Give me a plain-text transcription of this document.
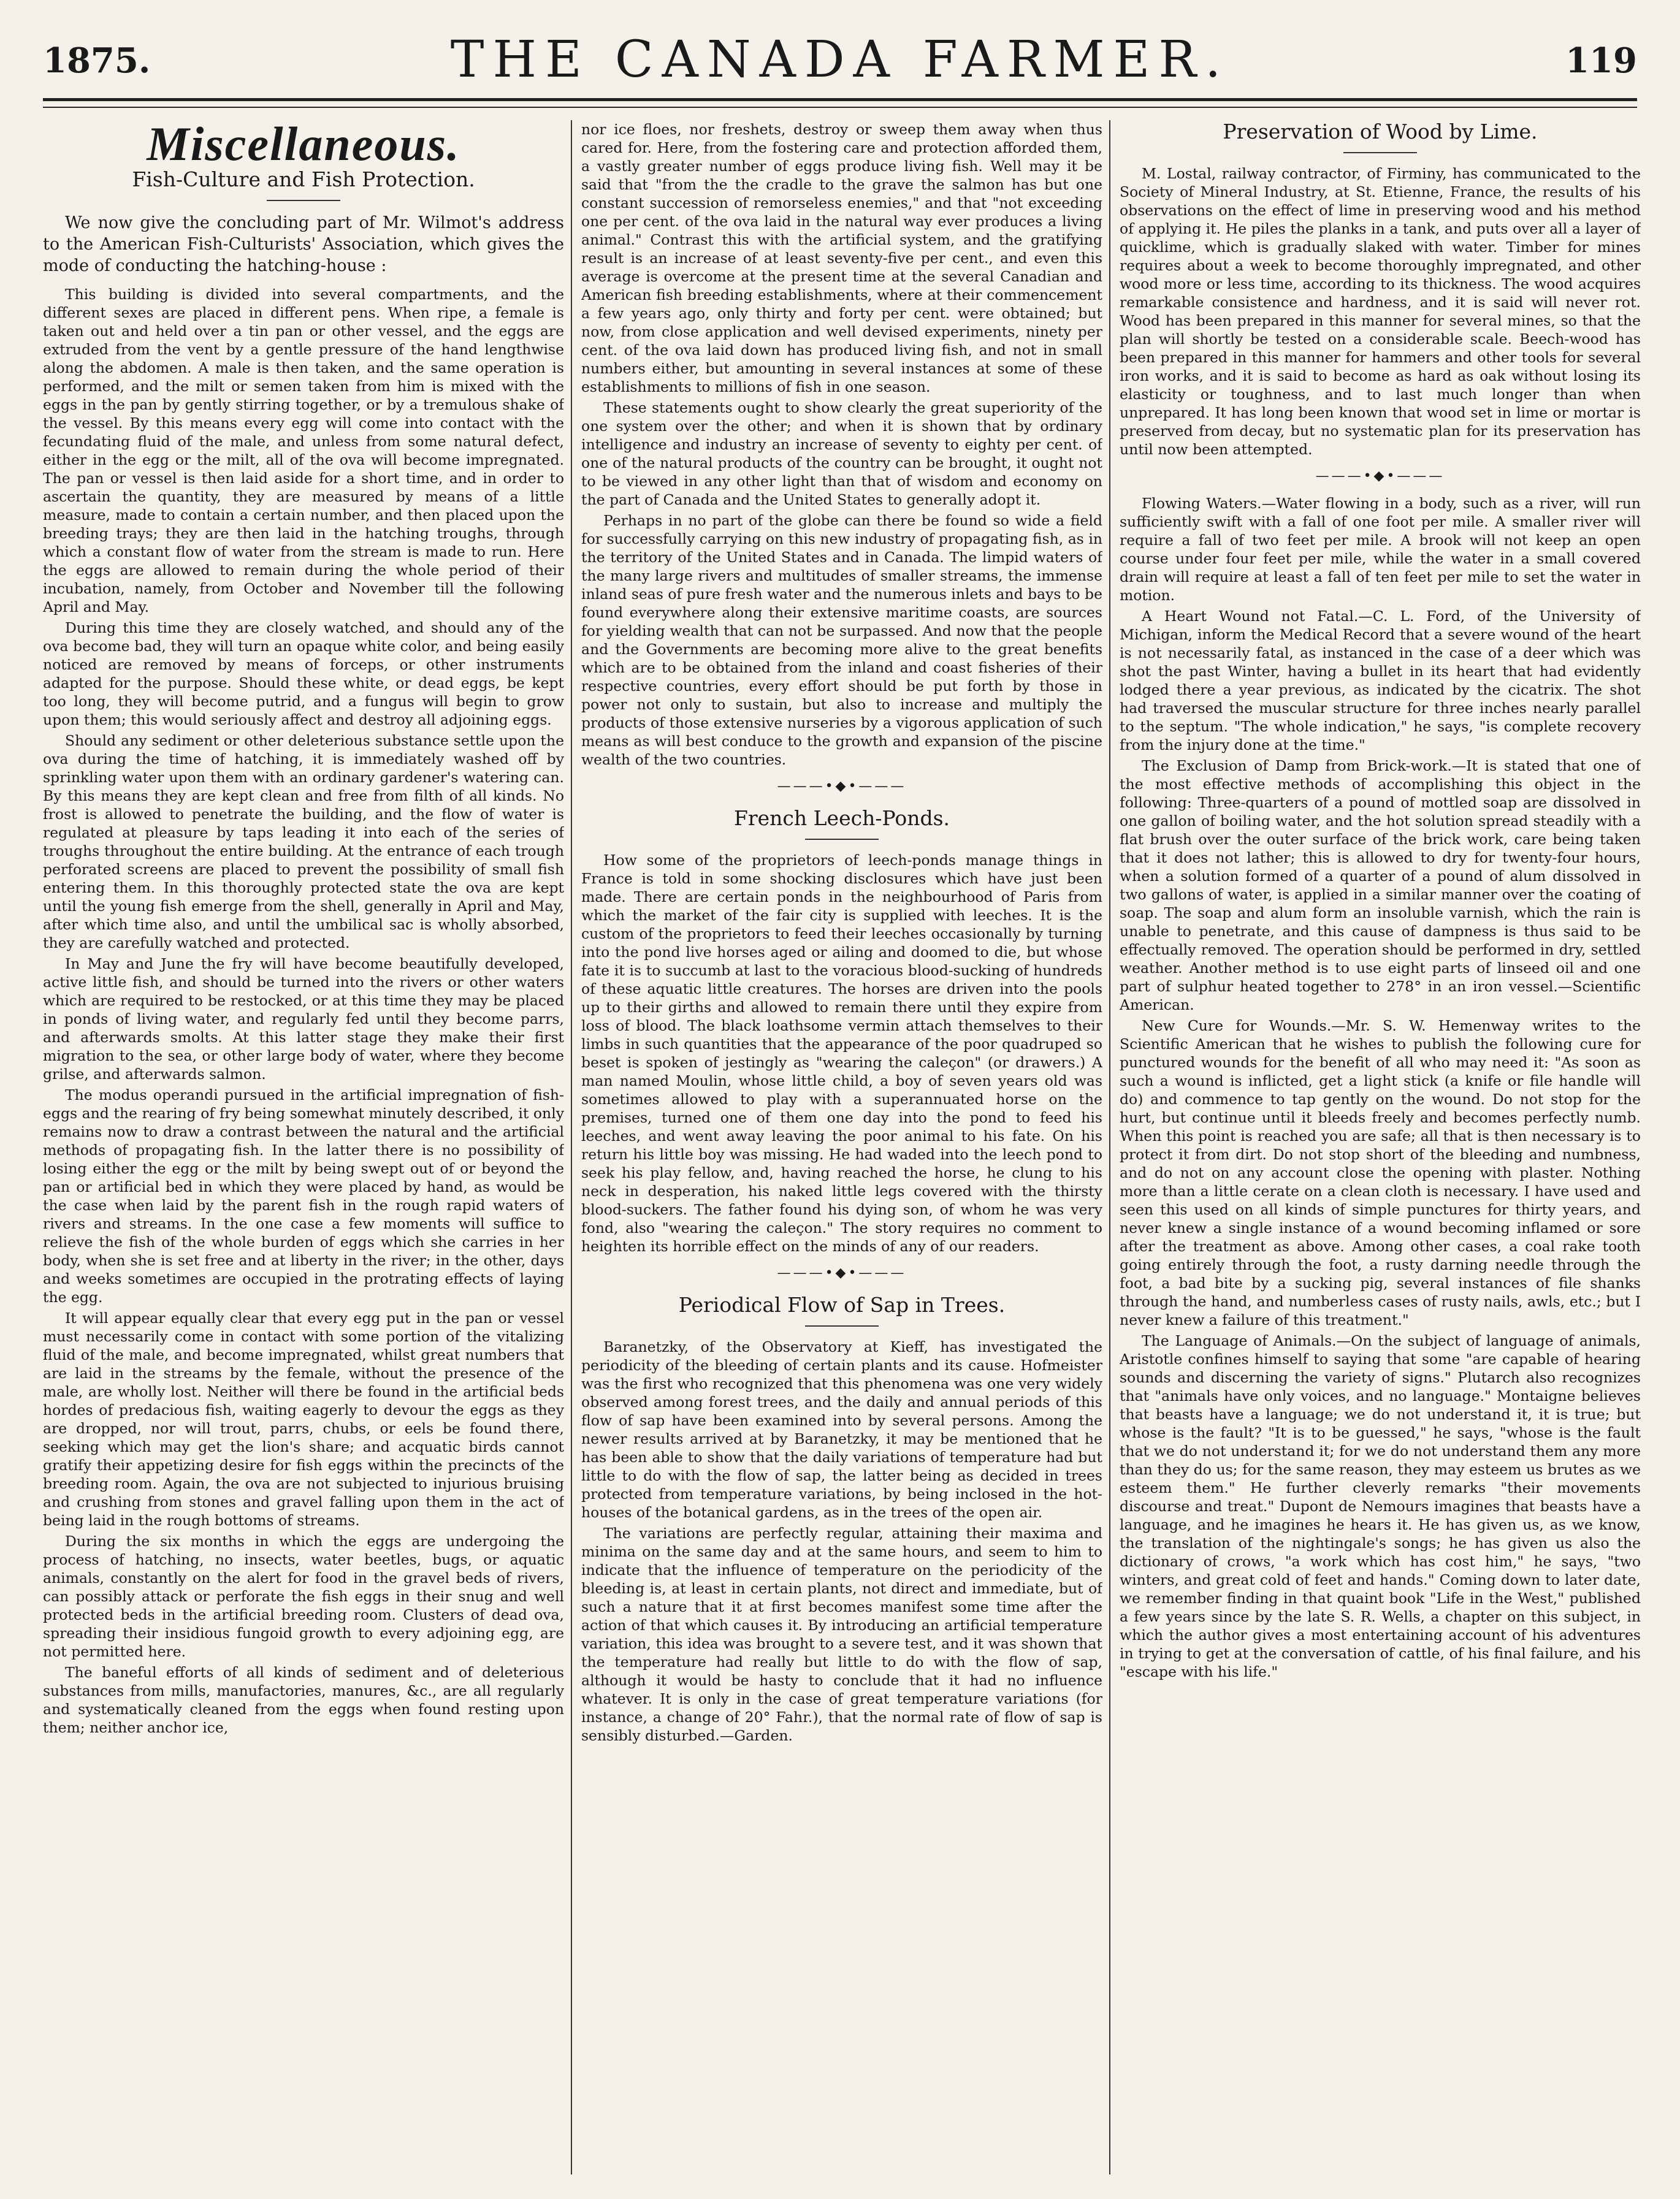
1875.	THE CANADA FARMER.	119
Miscellaneous.
Fish-Culture and Fish Protection.

We now give the concluding part of Mr. Wilmot's address to the American Fish-Culturists' Association, which gives the mode of conducting the hatching-house :

This building is divided into several compartments, and the different sexes are placed in different pens. When ripe, a female is taken out and held over a tin pan or other vessel, and the eggs are extruded from the vent by a gentle pressure of the hand lengthwise along the abdomen. A male is then taken, and the same operation is performed, and the milt or semen taken from him is mixed with the eggs in the pan by gently stirring together, or by a tremulous shake of the vessel. By this means every egg will come into contact with the fecundating fluid of the male, and unless from some natural defect, either in the egg or the milt, all of the ova will become impregnated. The pan or vessel is then laid aside for a short time, and in order to ascertain the quantity, they are measured by means of a little measure, made to contain a certain number, and then placed upon the breeding trays; they are then laid in the hatching troughs, through which a constant flow of water from the stream is made to run. Here the eggs are allowed to remain during the whole period of their incubation, namely, from October and November till the following April and May.

During this time they are closely watched, and should any of the ova become bad, they will turn an opaque white color, and being easily noticed are removed by means of forceps, or other instruments adapted for the purpose. Should these white, or dead eggs, be kept too long, they will become putrid, and a fungus will begin to grow upon them; this would seriously affect and destroy all adjoining eggs.

Should any sediment or other deleterious substance settle upon the ova during the time of hatching, it is immediately washed off by sprinkling water upon them with an ordinary gardener's watering can. By this means they are kept clean and free from filth of all kinds. No frost is allowed to penetrate the building, and the flow of water is regulated at pleasure by taps leading it into each of the series of troughs throughout the entire building. At the entrance of each trough perforated screens are placed to prevent the possibility of small fish entering them. In this thoroughly protected state the ova are kept until the young fish emerge from the shell, generally in April and May, after which time also, and until the umbilical sac is wholly absorbed, they are carefully watched and protected.

In May and June the fry will have become beautifully developed, active little fish, and should be turned into the rivers or other waters which are required to be restocked, or at this time they may be placed in ponds of living water, and regularly fed until they become parrs, and afterwards smolts. At this latter stage they make their first migration to the sea, or other large body of water, where they become grilse, and afterwards salmon.

The modus operandi pursued in the artificial impregnation of fish-eggs and the rearing of fry being somewhat minutely described, it only remains now to draw a contrast between the natural and the artificial methods of propagating fish. In the latter there is no possibility of losing either the egg or the milt by being swept out of or beyond the pan or artificial bed in which they were placed by hand, as would be the case when laid by the parent fish in the rough rapid waters of rivers and streams. In the one case a few moments will suffice to relieve the fish of the whole burden of eggs which she carries in her body, when she is set free and at liberty in the river; in the other, days and weeks sometimes are occupied in the protrating effects of laying the egg.

It will appear equally clear that every egg put in the pan or vessel must necessarily come in contact with some portion of the vitalizing fluid of the male, and become impregnated, whilst great numbers that are laid in the streams by the female, without the presence of the male, are wholly lost. Neither will there be found in the artificial beds hordes of predacious fish, waiting eagerly to devour the eggs as they are dropped, nor will trout, parrs, chubs, or eels be found there, seeking which may get the lion's share; and acquatic birds cannot gratify their appetizing desire for fish eggs within the precincts of the breeding room. Again, the ova are not subjected to injurious bruising and crushing from stones and gravel falling upon them in the act of being laid in the rough bottoms of streams.

During the six months in which the eggs are undergoing the process of hatching, no insects, water beetles, bugs, or aquatic animals, constantly on the alert for food in the gravel beds of rivers, can possibly attack or perforate the fish eggs in their snug and well protected beds in the artificial breeding room. Clusters of dead ova, spreading their insidious fungoid growth to every adjoining egg, are not permitted here.

The baneful efforts of all kinds of sediment and of deleterious substances from mills, manufactories, manures, &c., are all regularly and systematically cleaned from the eggs when found resting upon them; neither anchor ice,

nor ice floes, nor freshets, destroy or sweep them away when thus cared for. Here, from the fostering care and protection afforded them, a vastly greater number of eggs produce living fish. Well may it be said that "from the the cradle to the grave the salmon has but one constant succession of remorseless enemies," and that "not exceeding one per cent. of the ova laid in the natural way ever produces a living animal." Contrast this with the artificial system, and the gratifying result is an increase of at least seventy-five per cent., and even this average is overcome at the present time at the several Canadian and American fish breeding establishments, where at their commencement a few years ago, only thirty and forty per cent. were obtained; but now, from close application and well devised experiments, ninety per cent. of the ova laid down has produced living fish, and not in small numbers either, but amounting in several instances at some of these establishments to millions of fish in one season.

These statements ought to show clearly the great superiority of the one system over the other; and when it is shown that by ordinary intelligence and industry an increase of seventy to eighty per cent. of one of the natural products of the country can be brought, it ought not to be viewed in any other light than that of wisdom and economy on the part of Canada and the United States to generally adopt it.

Perhaps in no part of the globe can there be found so wide a field for successfully carrying on this new industry of propagating fish, as in the territory of the United States and in Canada. The limpid waters of the many large rivers and multitudes of smaller streams, the immense inland seas of pure fresh water and the numerous inlets and bays to be found everywhere along their extensive maritime coasts, are sources for yielding wealth that can not be surpassed. And now that the people and the Governments are becoming more alive to the great benefits which are to be obtained from the inland and coast fisheries of their respective countries, every effort should be put forth by those in power not only to sustain, but also to increase and multiply the products of those extensive nurseries by a vigorous application of such means as will best conduce to the growth and expansion of the piscine wealth of the two countries.

———•◆•———
French Leech-Ponds.

How some of the proprietors of leech-ponds manage things in France is told in some shocking disclosures which have just been made. There are certain ponds in the neighbourhood of Paris from which the market of the fair city is supplied with leeches. It is the custom of the proprietors to feed their leeches occasionally by turning into the pond live horses aged or ailing and doomed to die, but whose fate it is to succumb at last to the voracious blood-sucking of hundreds of these aquatic little creatures. The horses are driven into the pools up to their girths and allowed to remain there until they expire from loss of blood. The black loathsome vermin attach themselves to their limbs in such quantities that the appearance of the poor quadruped so beset is spoken of jestingly as "wearing the caleçon" (or drawers.) A man named Moulin, whose little child, a boy of seven years old was sometimes allowed to play with a superannuated horse on the premises, turned one of them one day into the pond to feed his leeches, and went away leaving the poor animal to his fate. On his return his little boy was missing. He had waded into the leech pond to seek his play fellow, and, having reached the horse, he clung to his neck in desperation, his naked little legs covered with the thirsty blood-suckers. The father found his dying son, of whom he was very fond, also "wearing the caleçon." The story requires no comment to heighten its horrible effect on the minds of any of our readers.

———•◆•———
Periodical Flow of Sap in Trees.

Baranetzky, of the Observatory at Kieff, has investigated the periodicity of the bleeding of certain plants and its cause. Hofmeister was the first who recognized that this phenomena was one very widely observed among forest trees, and the daily and annual periods of this flow of sap have been examined into by several persons. Among the newer results arrived at by Baranetzky, it may be mentioned that he has been able to show that the daily variations of temperature had but little to do with the flow of sap, the latter being as decided in trees protected from temperature variations, by being inclosed in the hot-houses of the botanical gardens, as in the trees of the open air.

The variations are perfectly regular, attaining their maxima and minima on the same day and at the same hours, and seem to him to indicate that the influence of temperature on the periodicity of the bleeding is, at least in certain plants, not direct and immediate, but of such a nature that it at first becomes manifest some time after the action of that which causes it. By introducing an artificial temperature variation, this idea was brought to a severe test, and it was shown that the temperature had really but little to do with the flow of sap, although it would be hasty to conclude that it had no influence whatever. It is only in the case of great temperature variations (for instance, a change of 20° Fahr.), that the normal rate of flow of sap is sensibly disturbed.—Garden.

Preservation of Wood by Lime.

M. Lostal, railway contractor, of Firminy, has communicated to the Society of Mineral Industry, at St. Etienne, France, the results of his observations on the effect of lime in preserving wood and his method of applying it. He piles the planks in a tank, and puts over all a layer of quicklime, which is gradually slaked with water. Timber for mines requires about a week to become thoroughly impregnated, and other wood more or less time, according to its thickness. The wood acquires remarkable consistence and hardness, and it is said will never rot. Wood has been prepared in this manner for several mines, so that the plan will shortly be tested on a considerable scale. Beech-wood has been prepared in this manner for hammers and other tools for several iron works, and it is said to become as hard as oak without losing its elasticity or toughness, and to last much longer than when unprepared. It has long been known that wood set in lime or mortar is preserved from decay, but no systematic plan for its preservation has until now been attempted.

———•◆•———

Flowing Waters.—Water flowing in a body, such as a river, will run sufficiently swift with a fall of one foot per mile. A smaller river will require a fall of two feet per mile. A brook will not keep an open course under four feet per mile, while the water in a small covered drain will require at least a fall of ten feet per mile to set the water in motion.

A Heart Wound not Fatal.—C. L. Ford, of the University of Michigan, inform the Medical Record that a severe wound of the heart is not necessarily fatal, as instanced in the case of a deer which was shot the past Winter, having a bullet in its heart that had evidently lodged there a year previous, as indicated by the cicatrix. The shot had traversed the muscular structure for three inches nearly parallel to the septum. "The whole indication," he says, "is complete recovery from the injury done at the time."

The Exclusion of Damp from Brick-work.—It is stated that one of the most effective methods of accomplishing this object in the following: Three-quarters of a pound of mottled soap are dissolved in one gallon of boiling water, and the hot solution spread steadily with a flat brush over the outer surface of the brick work, care being taken that it does not lather; this is allowed to dry for twenty-four hours, when a solution formed of a quarter of a pound of alum dissolved in two gallons of water, is applied in a similar manner over the coating of soap. The soap and alum form an insoluble varnish, which the rain is unable to penetrate, and this cause of dampness is thus said to be effectually removed. The operation should be performed in dry, settled weather. Another method is to use eight parts of linseed oil and one part of sulphur heated together to 278° in an iron vessel.—Scientific American.

New Cure for Wounds.—Mr. S. W. Hemenway writes to the Scientific American that he wishes to publish the following cure for punctured wounds for the benefit of all who may need it: "As soon as such a wound is inflicted, get a light stick (a knife or file handle will do) and commence to tap gently on the wound. Do not stop for the hurt, but continue until it bleeds freely and becomes perfectly numb. When this point is reached you are safe; all that is then necessary is to protect it from dirt. Do not stop short of the bleeding and numbness, and do not on any account close the opening with plaster. Nothing more than a little cerate on a clean cloth is necessary. I have used and seen this used on all kinds of simple punctures for thirty years, and never knew a single instance of a wound becoming inflamed or sore after the treatment as above. Among other cases, a coal rake tooth going entirely through the foot, a rusty darning needle through the foot, a bad bite by a sucking pig, several instances of file shanks through the hand, and numberless cases of rusty nails, awls, etc.; but I never knew a failure of this treatment."

The Language of Animals.—On the subject of language of animals, Aristotle confines himself to saying that some "are capable of hearing sounds and discerning the variety of signs." Plutarch also recognizes that "animals have only voices, and no language." Montaigne believes that beasts have a language; we do not understand it, it is true; but whose is the fault? "It is to be guessed," he says, "whose is the fault that we do not understand it; for we do not understand them any more than they do us; for the same reason, they may esteem us brutes as we esteem them." He further cleverly remarks "their movements discourse and treat." Dupont de Nemours imagines that beasts have a language, and he imagines he hears it. He has given us, as we know, the translation of the nightingale's songs; he has given us also the dictionary of crows, "a work which has cost him," he says, "two winters, and great cold of feet and hands." Coming down to later date, we remember finding in that quaint book "Life in the West," published a few years since by the late S. R. Wells, a chapter on this subject, in which the author gives a most entertaining account of his adventures in trying to get at the conversation of cattle, of his final failure, and his "escape with his life."
